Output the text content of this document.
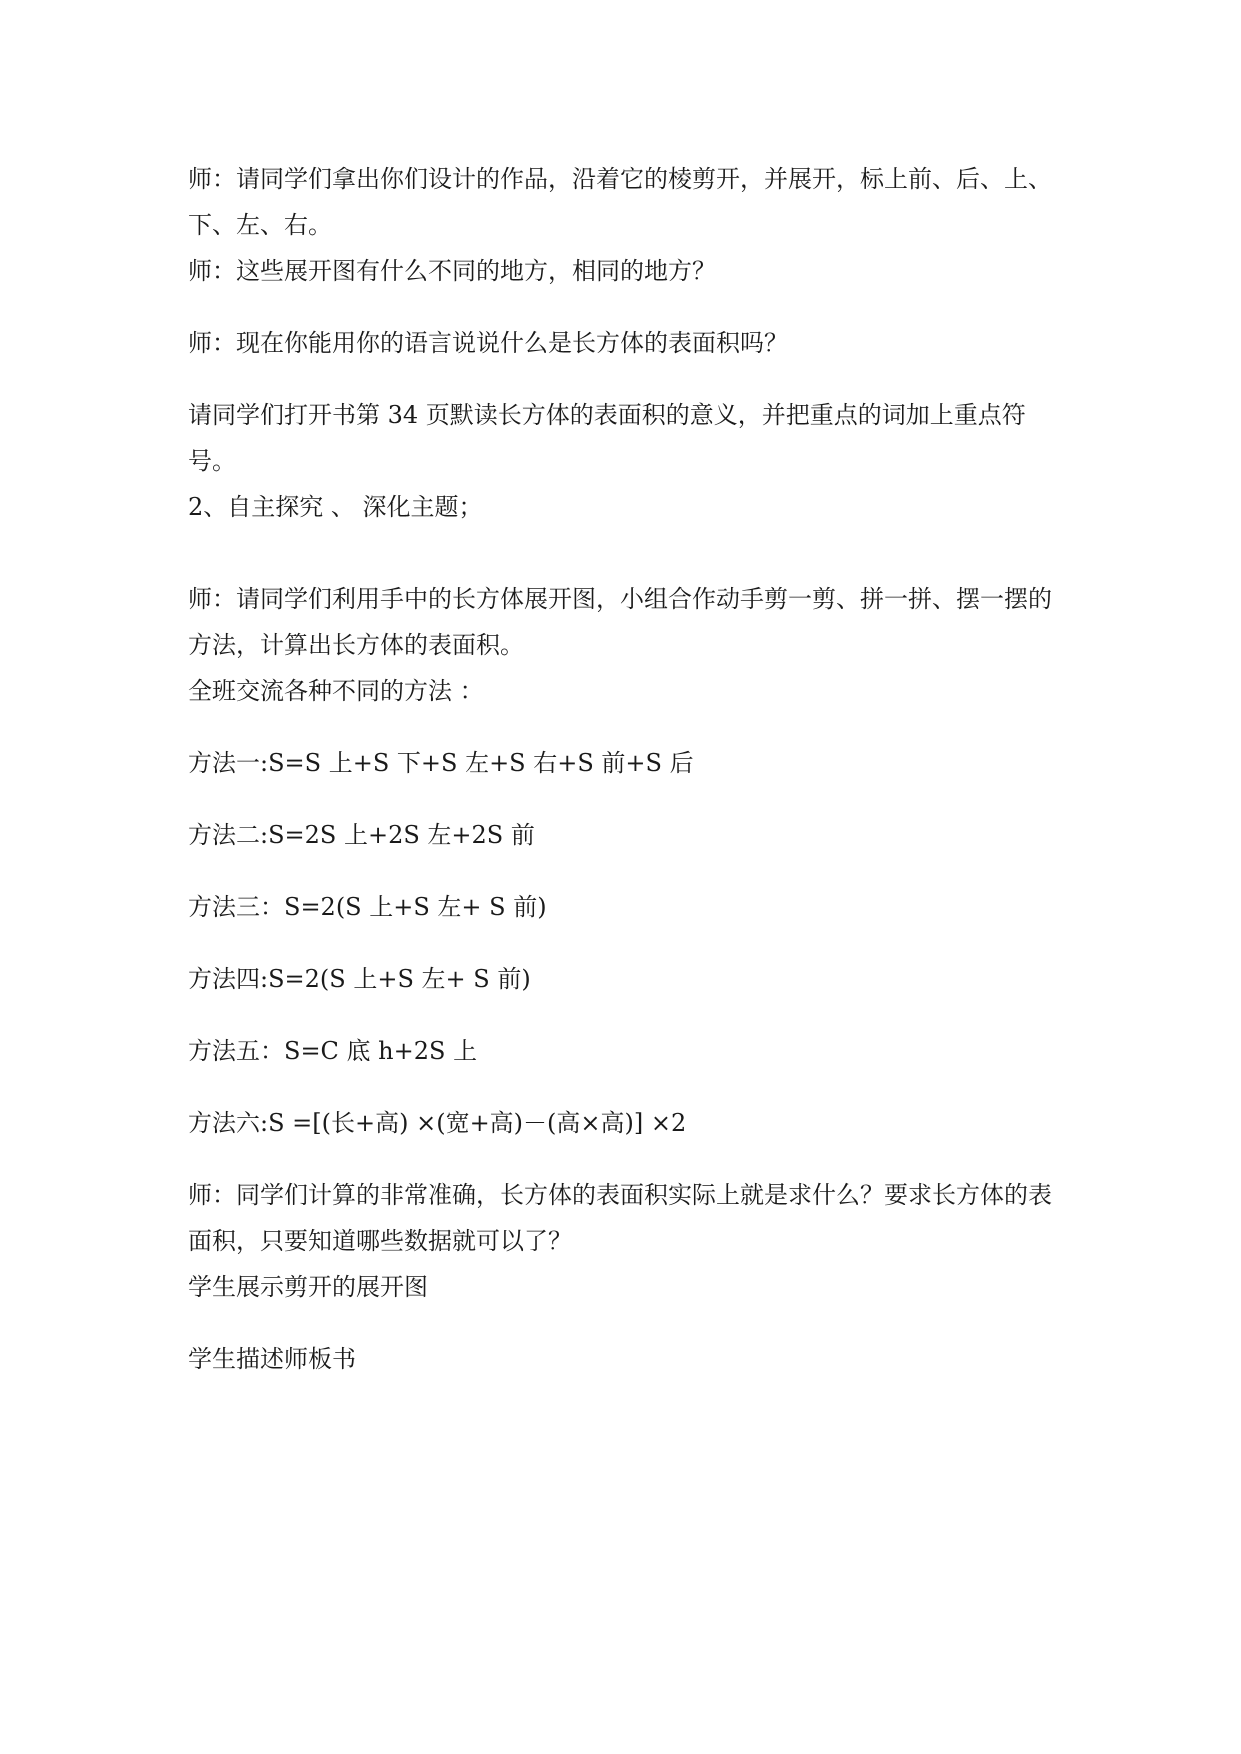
师：请同学们拿出你们设计的作品，沿着它的棱剪开，并展开，标上前、后、上、下、左、右。

师：这些展开图有什么不同的地方，相同的地方？

师：现在你能用你的语言说说什么是长方体的表面积吗？

请同学们打开书第 34 页默读长方体的表面积的意义，并把重点的词加上重点符号。

2、自主探究 、 深化主题；

师：请同学们利用手中的长方体展开图，小组合作动手剪一剪、拼一拼、摆一摆的方法，计算出长方体的表面积。

全班交流各种不同的方法 ：

方法一:S=S 上+S 下+S 左+S 右+S 前+S 后

方法二:S=2S 上+2S 左+2S 前

方法三：S=2(S 上+S 左+ S 前)

方法四:S=2(S 上+S 左+ S 前)

方法五：S=C 底 h+2S 上

方法六:S =[(长+高) ×(宽+高)－(高×高)] ×2

师：同学们计算的非常准确，长方体的表面积实际上就是求什么？要求长方体的表面积，只要知道哪些数据就可以了？

学生展示剪开的展开图

学生描述师板书
